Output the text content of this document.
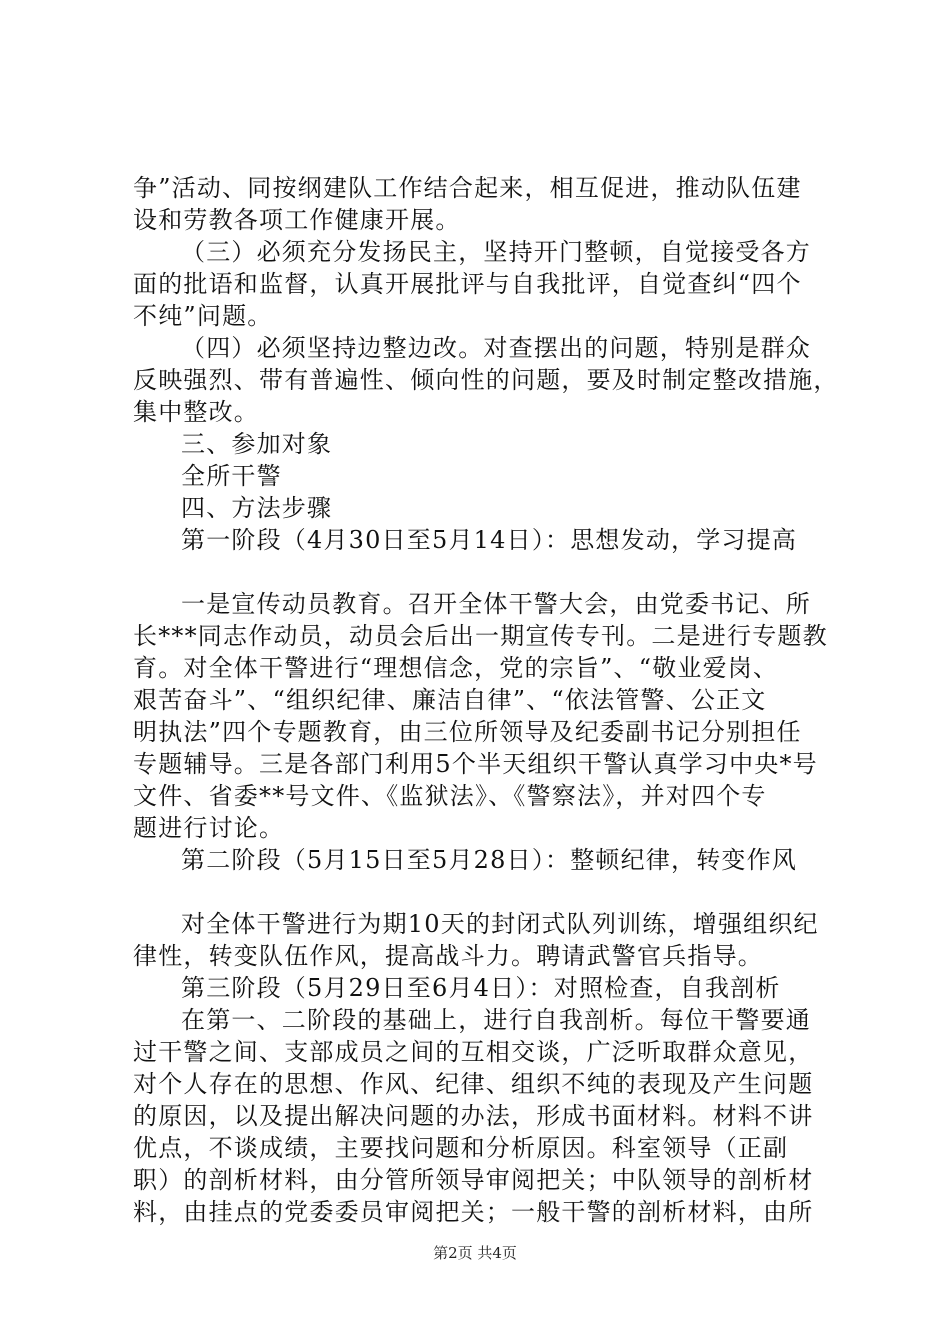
争”活动、同按纲建队工作结合起来，相互促进，推动队伍建
设和劳教各项工作健康开展。
（三）必须充分发扬民主，坚持开门整顿，自觉接受各方
面的批语和监督，认真开展批评与自我批评，自觉查纠“四个
不纯”问题。
（四）必须坚持边整边改。对查摆出的问题，特别是群众
反映强烈、带有普遍性、倾向性的问题，要及时制定整改措施，
集中整改。
三、参加对象
全所干警
四、方法步骤
第一阶段（4月30日至5月14日）：思想发动，学习提高
一是宣传动员教育。召开全体干警大会，由党委书记、所
长***同志作动员，动员会后出一期宣传专刊。二是进行专题教
育。对全体干警进行“理想信念，党的宗旨”、“敬业爱岗、
艰苦奋斗”、“组织纪律、廉洁自律”、“依法管警、公正文
明执法”四个专题教育，由三位所领导及纪委副书记分别担任
专题辅导。三是各部门利用5个半天组织干警认真学习中央*号
文件、省委**号文件、《监狱法》、《警察法》，并对四个专
题进行讨论。
第二阶段（5月15日至5月28日）：整顿纪律，转变作风
对全体干警进行为期10天的封闭式队列训练，增强组织纪
律性，转变队伍作风，提高战斗力。聘请武警官兵指导。
第三阶段（5月29日至6月4日）：对照检查，自我剖析
在第一、二阶段的基础上，进行自我剖析。每位干警要通
过干警之间、支部成员之间的互相交谈，广泛听取群众意见，
对个人存在的思想、作风、纪律、组织不纯的表现及产生问题
的原因，以及提出解决问题的办法，形成书面材料。材料不讲
优点，不谈成绩，主要找问题和分析原因。科室领导（正副
职）的剖析材料，由分管所领导审阅把关；中队领导的剖析材
料，由挂点的党委委员审阅把关；一般干警的剖析材料，由所
第2页 共4页
